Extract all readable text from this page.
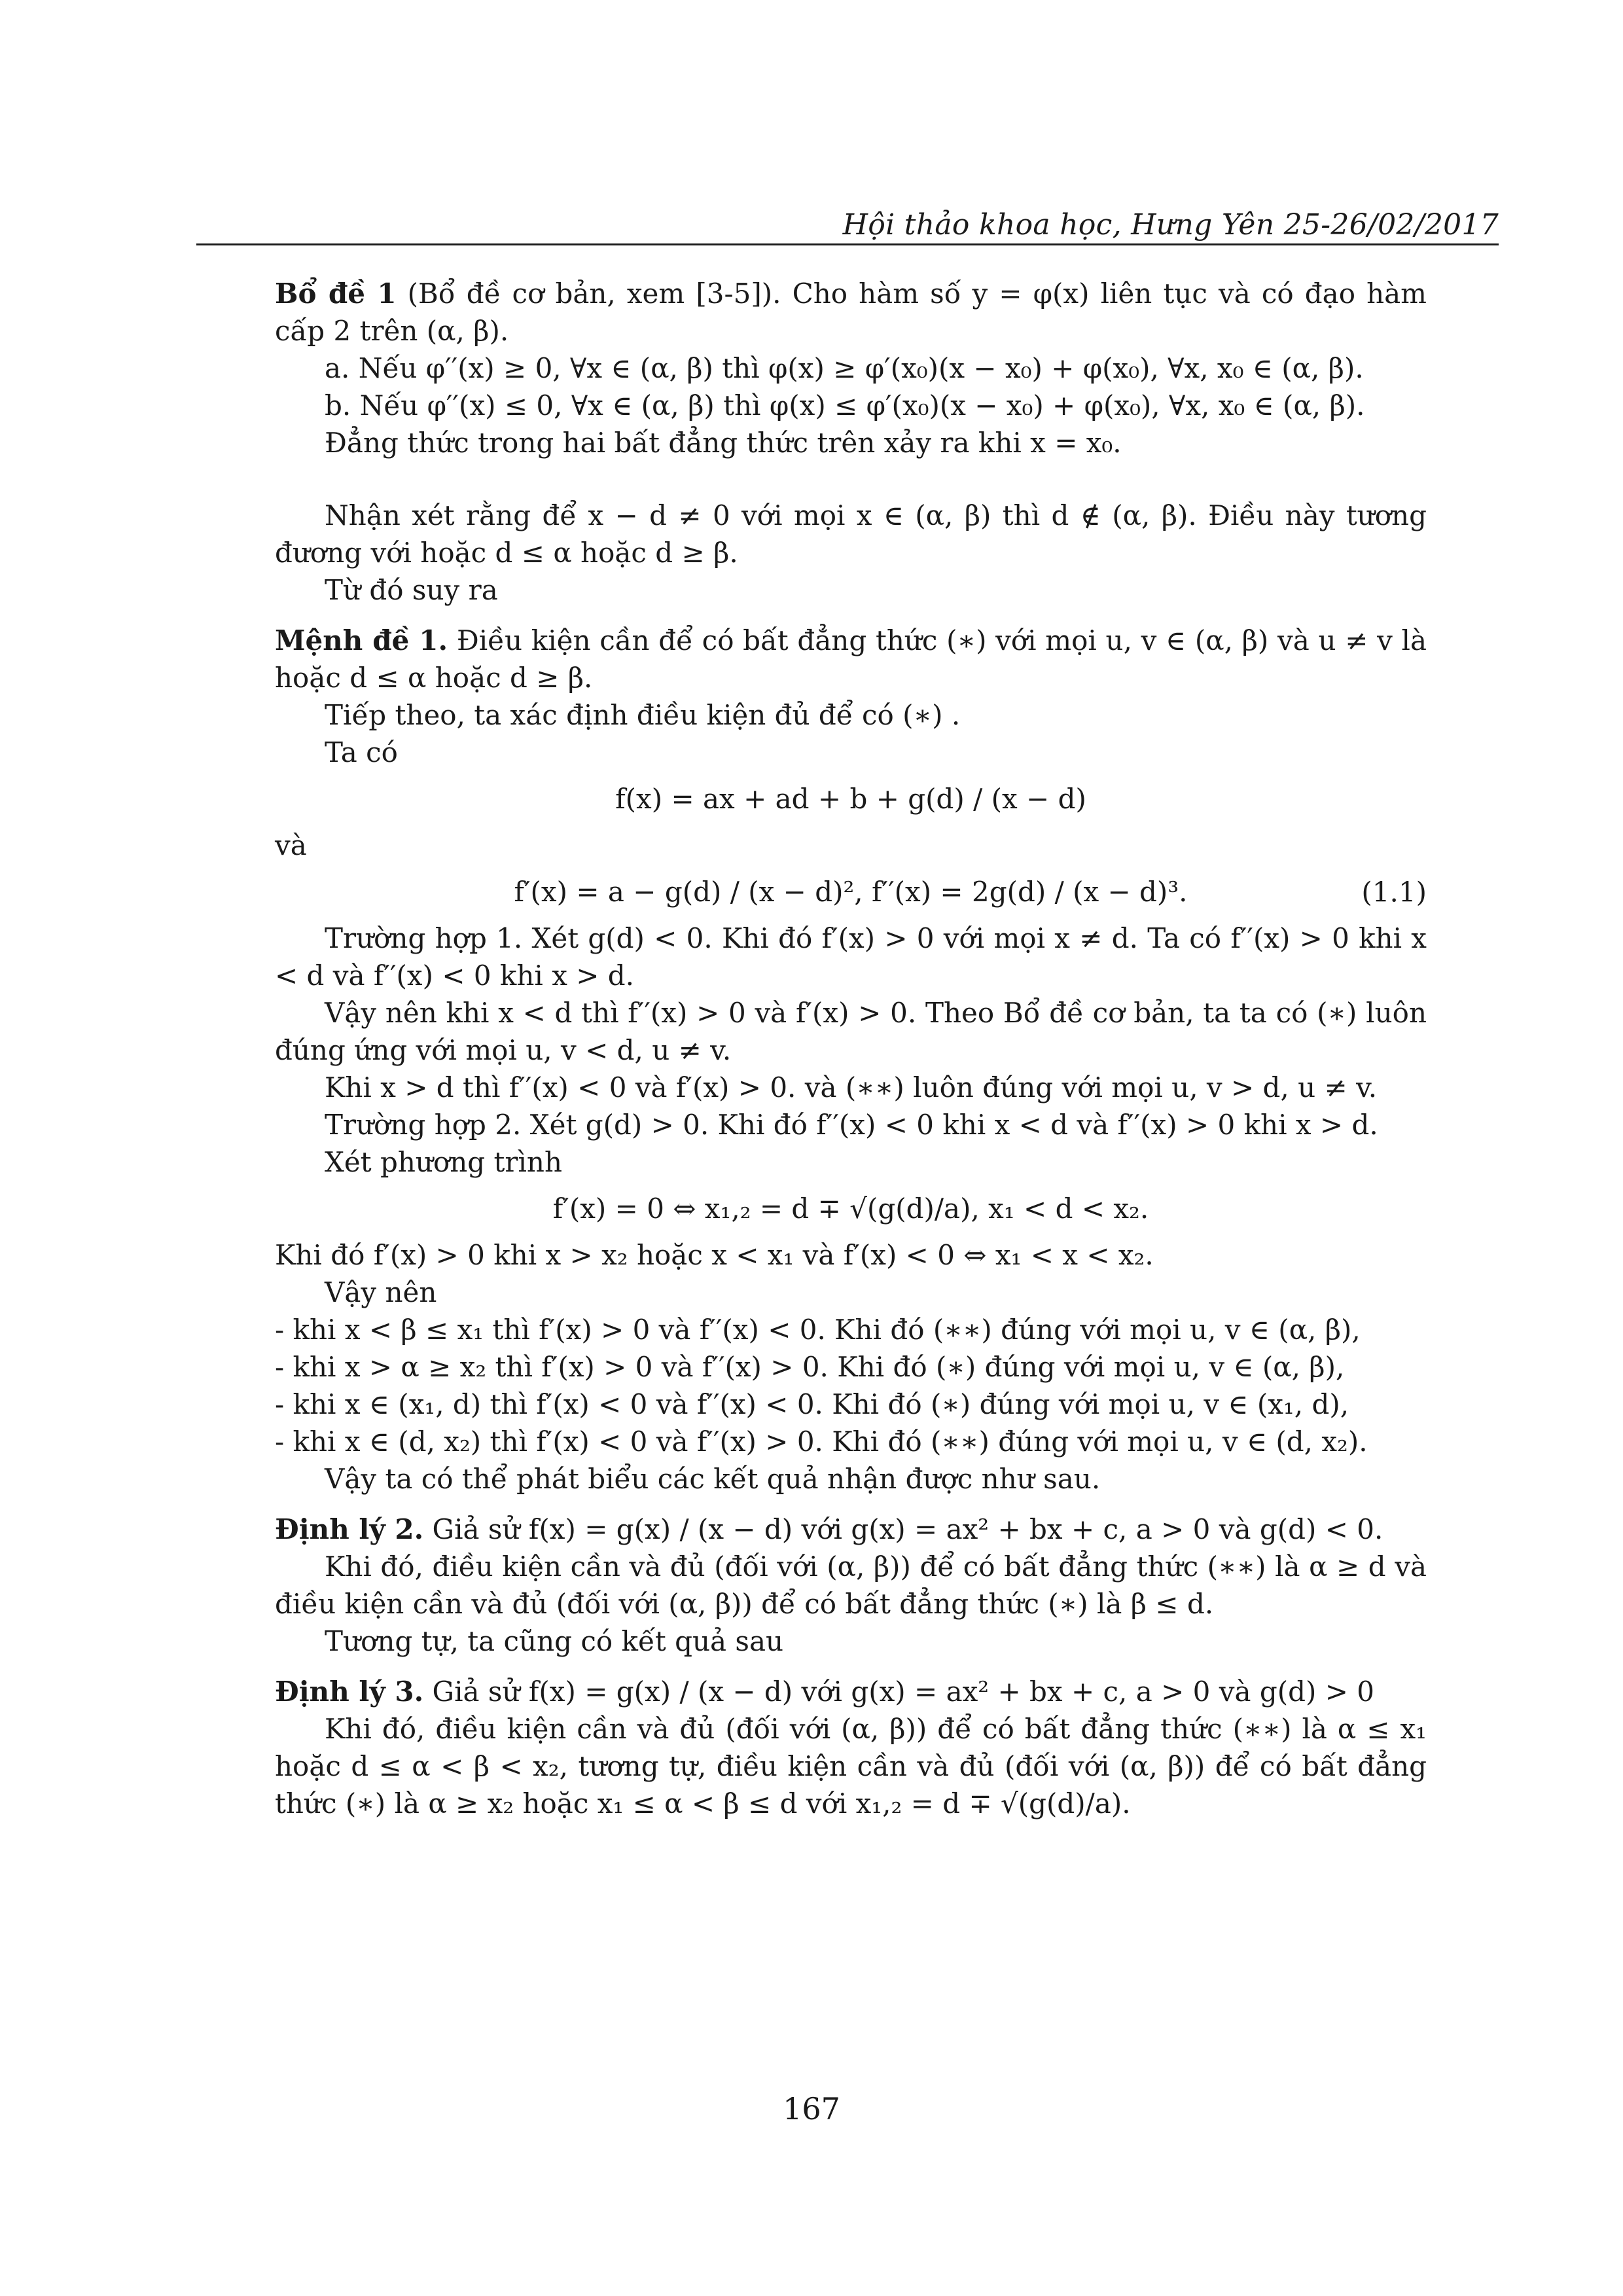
Hội thảo khoa học, Hưng Yên 25-26/02/2017

Bổ đề 1 (Bổ đề cơ bản, xem [3-5]). Cho hàm số y = φ(x) liên tục và có đạo hàm cấp 2 trên (α, β).

a. Nếu φ′′(x) ≥ 0, ∀x ∈ (α, β) thì φ(x) ≥ φ′(x₀)(x − x₀) + φ(x₀), ∀x, x₀ ∈ (α, β).

b. Nếu φ′′(x) ≤ 0, ∀x ∈ (α, β) thì φ(x) ≤ φ′(x₀)(x − x₀) + φ(x₀), ∀x, x₀ ∈ (α, β).

Đẳng thức trong hai bất đẳng thức trên xảy ra khi x = x₀.

Nhận xét rằng để x − d ≠ 0 với mọi x ∈ (α, β) thì d ∉ (α, β). Điều này tương đương với hoặc d ≤ α hoặc d ≥ β.

Từ đó suy ra

Mệnh đề 1. Điều kiện cần để có bất đẳng thức (∗) với mọi u, v ∈ (α, β) và u ≠ v là hoặc d ≤ α hoặc d ≥ β.

Tiếp theo, ta xác định điều kiện đủ để có (∗) .

Ta có

f(x) = ax + ad + b + g(d) / (x − d)

và

f′(x) = a − g(d) / (x − d)², f′′(x) = 2g(d) / (x − d)³.	(1.1)

Trường hợp 1. Xét g(d) < 0. Khi đó f′(x) > 0 với mọi x ≠ d. Ta có f′′(x) > 0 khi x < d và f′′(x) < 0 khi x > d.

Vậy nên khi x < d thì f′′(x) > 0 và f′(x) > 0. Theo Bổ đề cơ bản, ta ta có (∗) luôn đúng ứng với mọi u, v < d, u ≠ v.

Khi x > d thì f′′(x) < 0 và f′(x) > 0. và (∗∗) luôn đúng với mọi u, v > d, u ≠ v.

Trường hợp 2. Xét g(d) > 0. Khi đó f′′(x) < 0 khi x < d và f′′(x) > 0 khi x > d.

Xét phương trình

f′(x) = 0 ⇔ x₁,₂ = d ∓ √(g(d)/a), x₁ < d < x₂.

Khi đó f′(x) > 0 khi x > x₂ hoặc x < x₁ và f′(x) < 0 ⇔ x₁ < x < x₂.

Vậy nên

- khi x < β ≤ x₁ thì f′(x) > 0 và f′′(x) < 0. Khi đó (∗∗) đúng với mọi u, v ∈ (α, β),

- khi x > α ≥ x₂ thì f′(x) > 0 và f′′(x) > 0. Khi đó (∗) đúng với mọi u, v ∈ (α, β),

- khi x ∈ (x₁, d) thì f′(x) < 0 và f′′(x) < 0. Khi đó (∗) đúng với mọi u, v ∈ (x₁, d),

- khi x ∈ (d, x₂) thì f′(x) < 0 và f′′(x) > 0. Khi đó (∗∗) đúng với mọi u, v ∈ (d, x₂).

Vậy ta có thể phát biểu các kết quả nhận được như sau.

Định lý 2. Giả sử f(x) = g(x) / (x − d) với g(x) = ax² + bx + c, a > 0 và g(d) < 0.

Khi đó, điều kiện cần và đủ (đối với (α, β)) để có bất đẳng thức (∗∗) là α ≥ d và điều kiện cần và đủ (đối với (α, β)) để có bất đẳng thức (∗) là β ≤ d.

Tương tự, ta cũng có kết quả sau

Định lý 3. Giả sử f(x) = g(x) / (x − d) với g(x) = ax² + bx + c, a > 0 và g(d) > 0

Khi đó, điều kiện cần và đủ (đối với (α, β)) để có bất đẳng thức (∗∗) là α ≤ x₁ hoặc d ≤ α < β < x₂, tương tự, điều kiện cần và đủ (đối với (α, β)) để có bất đẳng thức (∗) là α ≥ x₂ hoặc x₁ ≤ α < β ≤ d với x₁,₂ = d ∓ √(g(d)/a).

167
